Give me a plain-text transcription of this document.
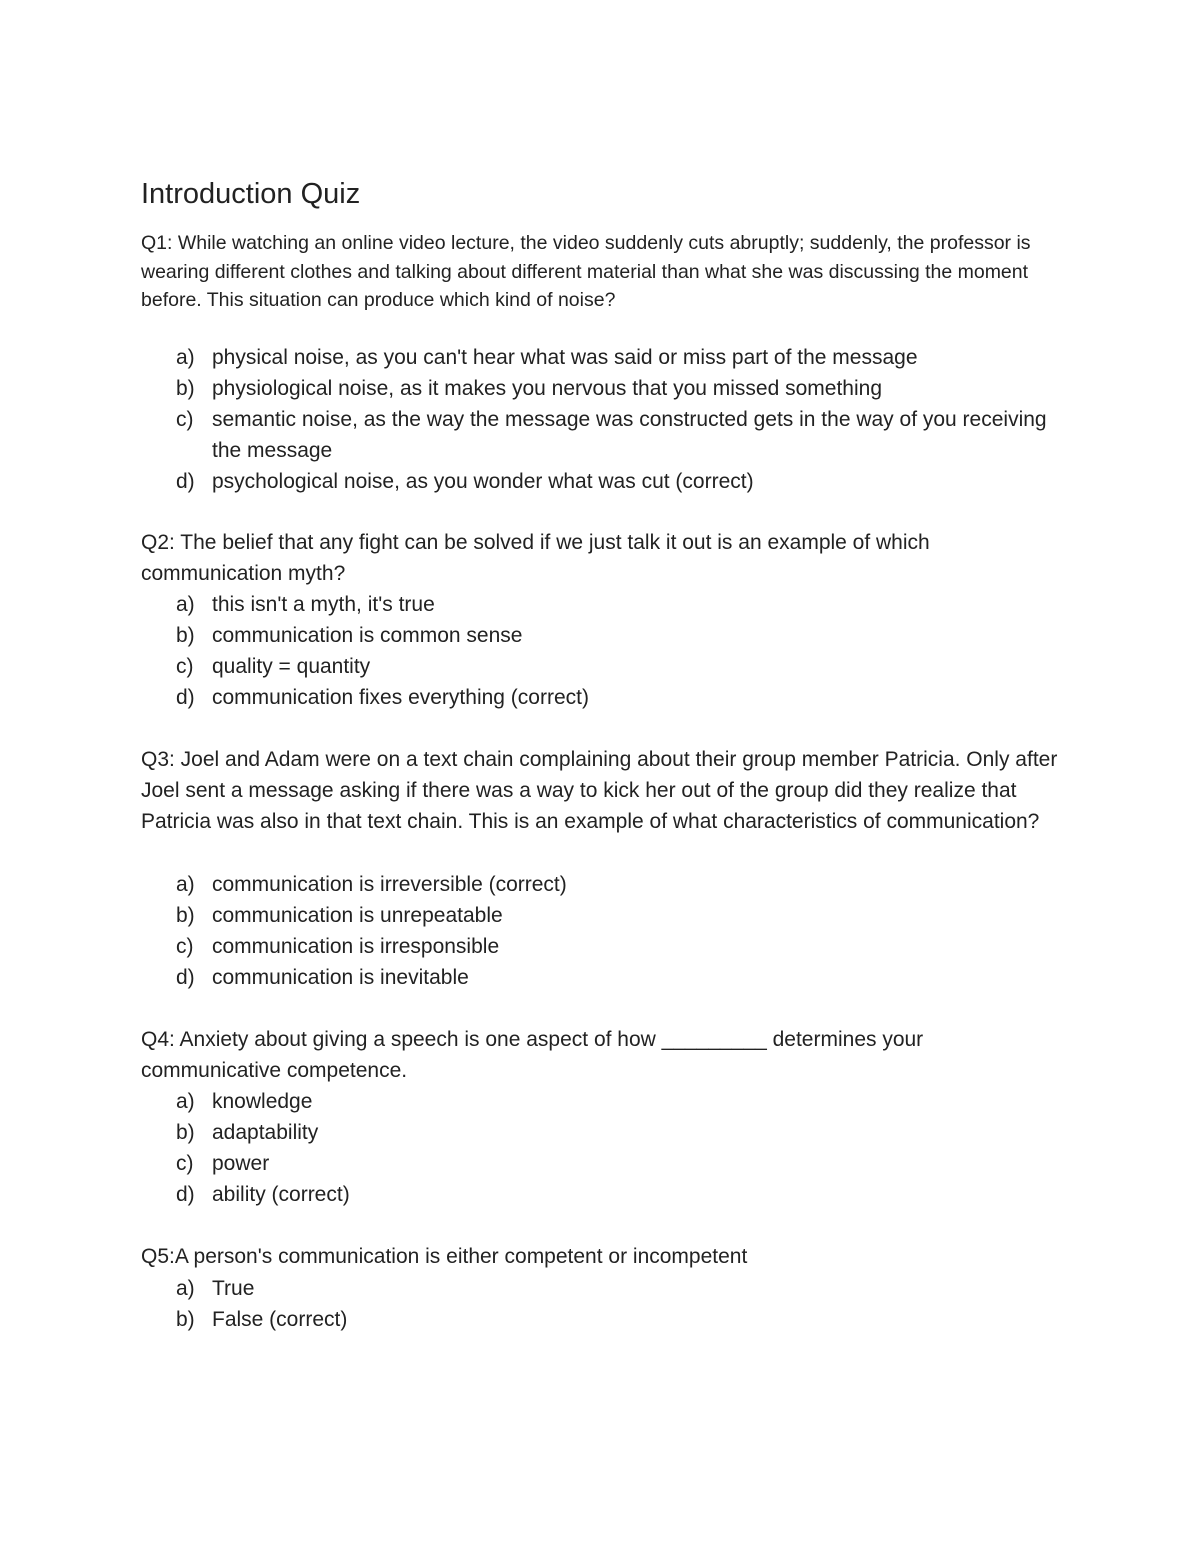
Introduction Quiz

Q1: While watching an online video lecture, the video suddenly cuts abruptly; suddenly, the professor is wearing different clothes and talking about different material than what she was discussing the moment before. This situation can produce which kind of noise?

a) physical noise, as you can't hear what was said or miss part of the message
b) physiological noise, as it makes you nervous that you missed something
c) semantic noise, as the way the message was constructed gets in the way of you receiving the message
d) psychological noise, as you wonder what was cut (correct)

Q2: The belief that any fight can be solved if we just talk it out is an example of which communication myth?

a) this isn't a myth, it's true
b) communication is common sense
c) quality = quantity
d) communication fixes everything (correct)

Q3: Joel and Adam were on a text chain complaining about their group member Patricia. Only after Joel sent a message asking if there was a way to kick her out of the group did they realize that Patricia was also in that text chain. This is an example of what characteristics of communication?

a) communication is irreversible (correct)
b) communication is unrepeatable
c) communication is irresponsible
d) communication is inevitable

Q4: Anxiety about giving a speech is one aspect of how _________ determines your communicative competence.

a) knowledge
b) adaptability
c) power
d) ability (correct)

Q5:A person's communication is either competent or incompetent

a) True
b) False (correct)
